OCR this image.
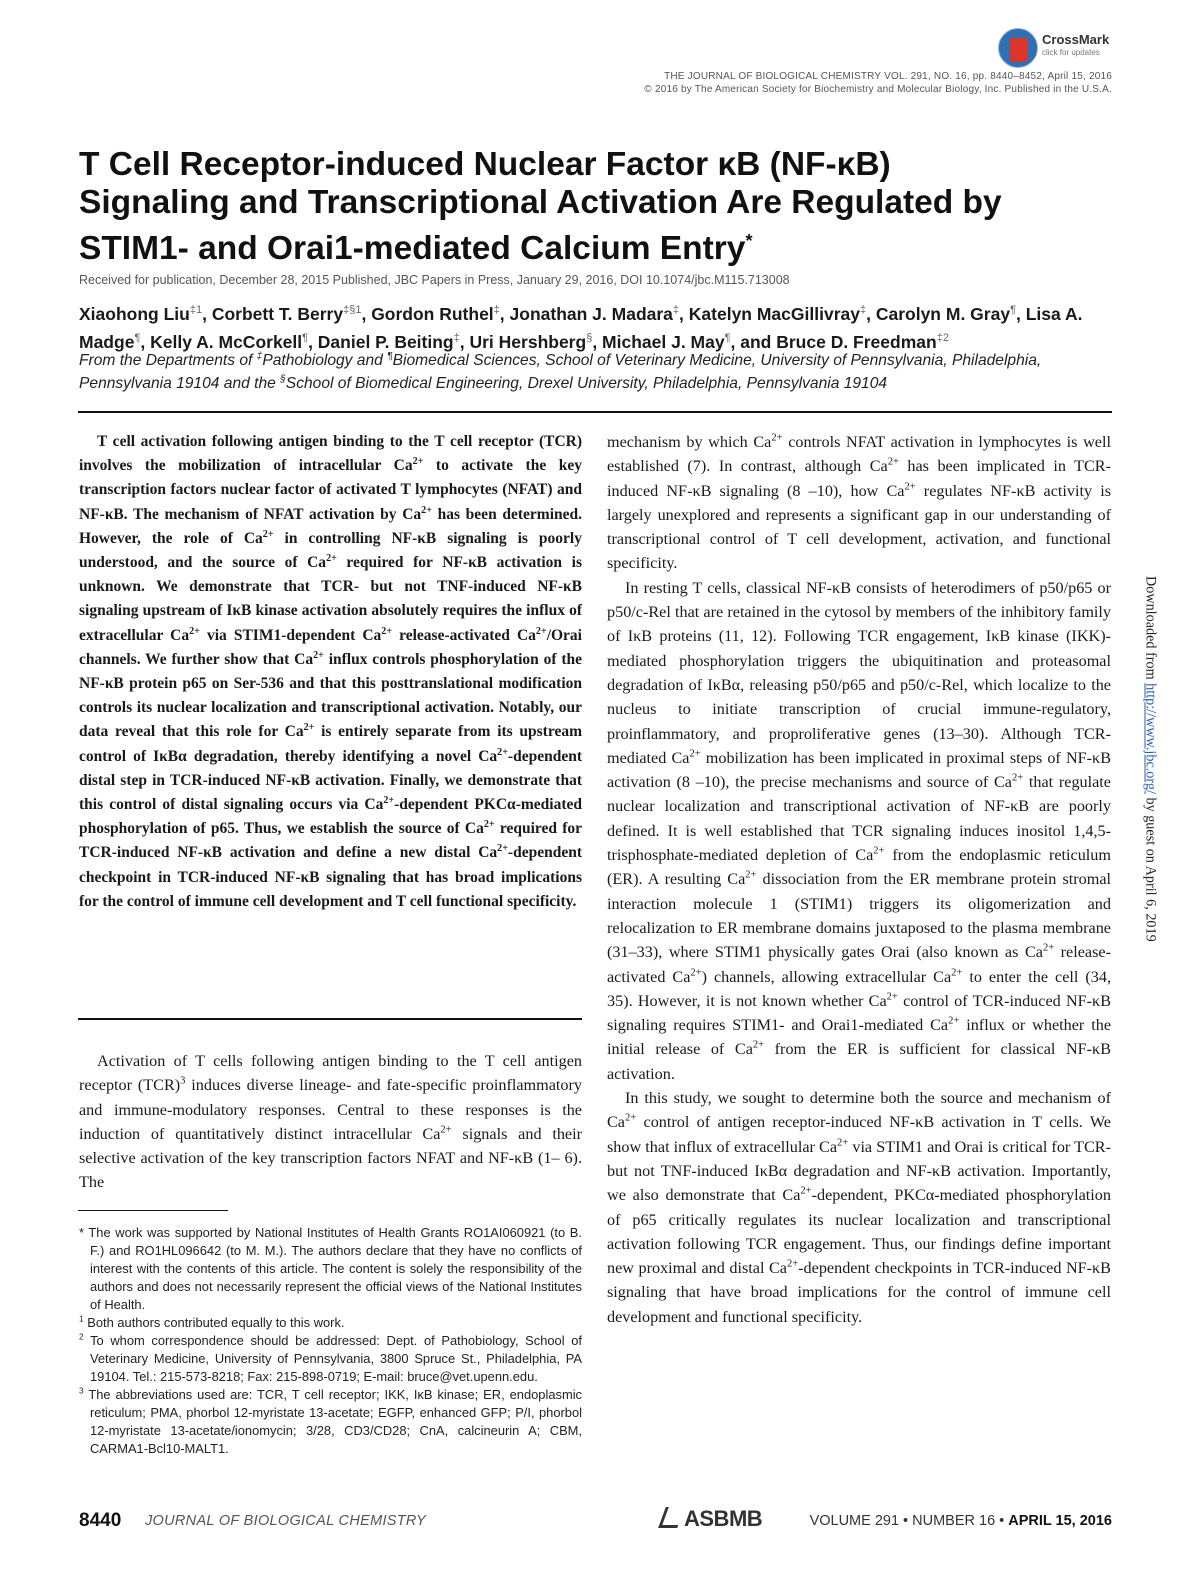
CrossMark
click for updates
THE JOURNAL OF BIOLOGICAL CHEMISTRY VOL. 291, NO. 16, pp. 8440–8452, April 15, 2016
© 2016 by The American Society for Biochemistry and Molecular Biology, Inc. Published in the U.S.A.
T Cell Receptor-induced Nuclear Factor κB (NF-κB)
Signaling and Transcriptional Activation Are Regulated by
STIM1- and Orai1-mediated Calcium Entry*
Received for publication, December 28, 2015 Published, JBC Papers in Press, January 29, 2016, DOI 10.1074/jbc.M115.713008
Xiaohong Liu$^{\ddagger 1}$, Corbett T. Berry$^{\ddagger\S 1}$, Gordon Ruthel‡, Jonathan J. Madara‡, Katelyn MacGillivray‡, Carolyn M. Gray¶, Lisa A. Madge¶, Kelly A. McCorkell¶, Daniel P. Beiting‡, Uri Hershberg§, Michael J. May¶, and Bruce D. Freedman$^{\ddagger 2}$
From the Departments of ‡Pathobiology and ¶Biomedical Sciences, School of Veterinary Medicine, University of Pennsylvania, Philadelphia, Pennsylvania 19104 and the §School of Biomedical Engineering, Drexel University, Philadelphia, Pennsylvania 19104
T cell activation following antigen binding to the T cell receptor (TCR) involves the mobilization of intracellular $Ca^{2+}$ to activate the key transcription factors nuclear factor of activated T lymphocytes (NFAT) and NF-κB. The mechanism of NFAT activation by $Ca^{2+}$ has been determined. However, the role of $Ca^{2+}$ in controlling NF-κB signaling is poorly understood, and the source of $Ca^{2+}$ required for NF-κB activation is unknown. We demonstrate that TCR- but not TNF-induced NF-κB signaling upstream of IκB kinase activation absolutely requires the influx of extracellular $Ca^{2+}$ via STIM1-dependent $Ca^{2+}$ release-activated $Ca^{2+}$/Orai channels. We further show that $Ca^{2+}$ influx controls phosphorylation of the NF-κB protein p65 on Ser-536 and that this posttranslational modification controls its nuclear localization and transcriptional activation. Notably, our data reveal that this role for $Ca^{2+}$ is entirely separate from its upstream control of IκBα degradation, thereby identifying a novel $Ca^{2+}$-dependent distal step in TCR-induced NF-κB activation. Finally, we demonstrate that this control of distal signaling occurs via $Ca^{2+}$-dependent PKCα-mediated phosphorylation of p65. Thus, we establish the source of $Ca^{2+}$ required for TCR-induced NF-κB activation and define a new distal $Ca^{2+}$-dependent checkpoint in TCR-induced NF-κB signaling that has broad implications for the control of immune cell development and T cell functional specificity.
Activation of T cells following antigen binding to the T cell antigen receptor (TCR)$^3$ induces diverse lineage- and fate-specific proinflammatory and immune-modulatory responses. Central to these responses is the induction of quantitatively distinct intracellular $Ca^{2+}$ signals and their selective activation of the key transcription factors NFAT and NF-κB (1– 6). The

* The work was supported by National Institutes of Health Grants RO1AI060921 (to B. F.) and RO1HL096642 (to M. M.). The authors declare that they have no conflicts of interest with the contents of this article. The content is solely the responsibility of the authors and does not necessarily represent the official views of the National Institutes of Health.

$^1$ Both authors contributed equally to this work.

$^2$ To whom correspondence should be addressed: Dept. of Pathobiology, School of Veterinary Medicine, University of Pennsylvania, 3800 Spruce St., Philadelphia, PA 19104. Tel.: 215-573-8218; Fax: 215-898-0719; E-mail: bruce@vet.upenn.edu.

$^3$ The abbreviations used are: TCR, T cell receptor; IKK, IκB kinase; ER, endoplasmic reticulum; PMA, phorbol 12-myristate 13-acetate; EGFP, enhanced GFP; P/I, phorbol 12-myristate 13-acetate/ionomycin; 3/28, CD3/CD28; CnA, calcineurin A; CBM, CARMA1-Bcl10-MALT1.

mechanism by which $Ca^{2+}$ controls NFAT activation in lymphocytes is well established (7). In contrast, although $Ca^{2+}$ has been implicated in TCR-induced NF-κB signaling (8 –10), how $Ca^{2+}$ regulates NF-κB activity is largely unexplored and represents a significant gap in our understanding of transcriptional control of T cell development, activation, and functional specificity.

In resting T cells, classical NF-κB consists of heterodimers of p50/p65 or p50/c-Rel that are retained in the cytosol by members of the inhibitory family of IκB proteins (11, 12). Following TCR engagement, IκB kinase (IKK)-mediated phosphorylation triggers the ubiquitination and proteasomal degradation of IκBα, releasing p50/p65 and p50/c-Rel, which localize to the nucleus to initiate transcription of crucial immune-regulatory, proinflammatory, and proproliferative genes (13–30). Although TCR-mediated $Ca^{2+}$ mobilization has been implicated in proximal steps of NF-κB activation (8 –10), the precise mechanisms and source of $Ca^{2+}$ that regulate nuclear localization and transcriptional activation of NF-κB are poorly defined. It is well established that TCR signaling induces inositol 1,4,5-trisphosphate-mediated depletion of $Ca^{2+}$ from the endoplasmic reticulum (ER). A resulting $Ca^{2+}$ dissociation from the ER membrane protein stromal interaction molecule 1 (STIM1) triggers its oligomerization and relocalization to ER membrane domains juxtaposed to the plasma membrane (31–33), where STIM1 physically gates Orai (also known as $Ca^{2+}$ release-activated $Ca^{2+}$) channels, allowing extracellular $Ca^{2+}$ to enter the cell (34, 35). However, it is not known whether $Ca^{2+}$ control of TCR-induced NF-κB signaling requires STIM1- and Orai1-mediated $Ca^{2+}$ influx or whether the initial release of $Ca^{2+}$ from the ER is sufficient for classical NF-κB activation.

In this study, we sought to determine both the source and mechanism of $Ca^{2+}$ control of antigen receptor-induced NF-κB activation in T cells. We show that influx of extracellular $Ca^{2+}$ via STIM1 and Orai is critical for TCR- but not TNF-induced IκBα degradation and NF-κB activation. Importantly, we also demonstrate that $Ca^{2+}$-dependent, PKCα-mediated phosphorylation of p65 critically regulates its nuclear localization and transcriptional activation following TCR engagement. Thus, our findings define important new proximal and distal $Ca^{2+}$-dependent checkpoints in TCR-induced NF-κB signaling that have broad implications for the control of immune cell development and functional specificity.

Downloaded from http://www.jbc.org/ by guest on April 6, 2019
8440 JOURNAL OF BIOLOGICAL CHEMISTRY	ASBMB	VOLUME 291 • NUMBER 16 • APRIL 15, 2016
